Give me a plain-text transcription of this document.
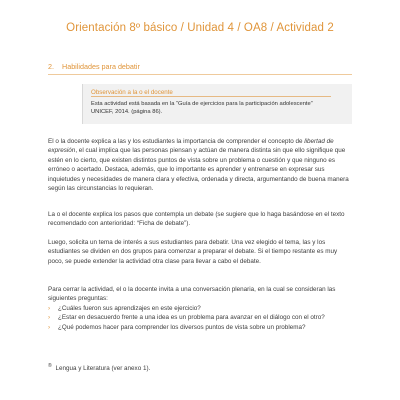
Orientación 8º básico / Unidad 4 / OA8 / Actividad 2
2. Habilidades para debatir
Observación a la o el docente
Esta actividad está basada en la “Guía de ejercicios para la participación adolescente”
UNICEF, 2014. (página 86).
El o la docente explica a las y los estudiantes la importancia de comprender el concepto de libertad de expresión, el cual implica que las personas piensan y actúan de manera distinta sin que ello signifique que estén en lo cierto, que existen distintos puntos de vista sobre un problema o cuestión y que ninguno es erróneo o acertado. Destaca, además, que lo importante es aprender y entrenarse en expresar sus inquietudes y necesidades de manera clara y efectiva, ordenada y directa, argumentando de buena manera según las circunstancias lo requieran.
La o el docente explica los pasos que contempla un debate (se sugiere que lo haga basándose en el texto recomendado con anterioridad: “Ficha de debate”).
Luego, solicita un tema de interés a sus estudiantes para debatir. Una vez elegido el tema, las y los estudiantes se dividen en dos grupos para comenzar a preparar el debate. Si el tiempo restante es muy poco, se puede extender la actividad otra clase para llevar a cabo el debate.
Para cerrar la actividad, el o la docente invita a una conversación plenaria, en la cual se consideran las siguientes preguntas:
› ¿Cuáles fueron sus aprendizajes en este ejercicio?
› ¿Estar en desacuerdo frente a una idea es un problema para avanzar en el diálogo con el otro?
› ¿Qué podemos hacer para comprender los diversos puntos de vista sobre un problema?
® Lengua y Literatura (ver anexo 1).
